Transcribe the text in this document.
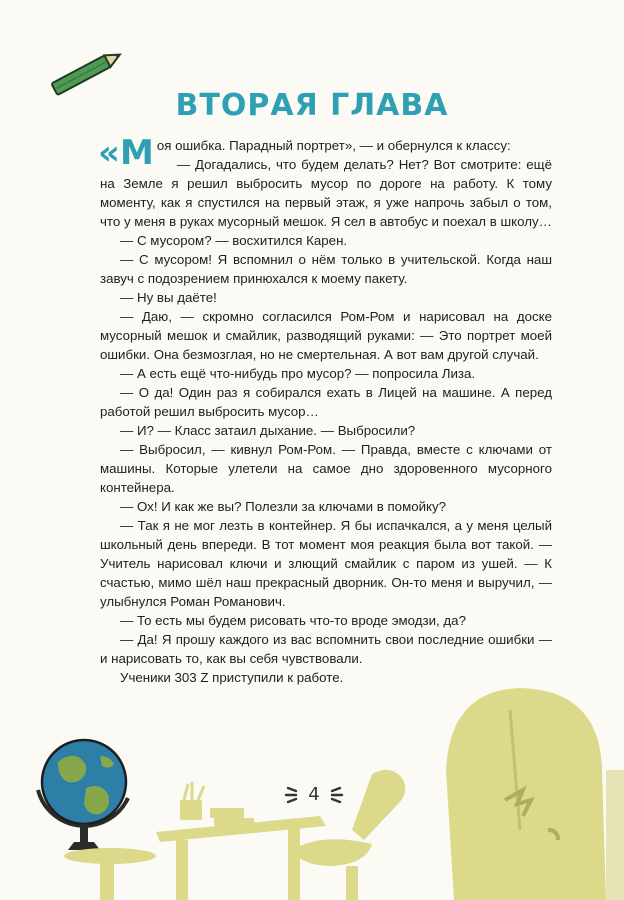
ВТОРАЯ ГЛАВА

«Моя ошибка. Парадный портрет», — и обернулся к классу:

— Догадались, что будем делать? Нет? Вот смотрите: ещё на Земле я решил выбросить мусор по дороге на работу. К тому моменту, как я спустился на первый этаж, я уже напрочь забыл о том, что у меня в руках мусорный мешок. Я сел в автобус и поехал в школу…

— С мусором? — восхитился Карен.

— С мусором! Я вспомнил о нём только в учительской. Когда наш завуч с подозрением принюхался к моему пакету.

— Ну вы даёте!

— Даю, — скромно согласился Ром-Ром и нарисовал на доске мусорный мешок и смайлик, разводящий руками: — Это портрет моей ошибки. Она безмозглая, но не смертельная. А вот вам другой случай.

— А есть ещё что-нибудь про мусор? — попросила Лиза.

— О да! Один раз я собирался ехать в Лицей на машине. А перед работой решил выбросить мусор…

— И? — Класс затаил дыхание. — Выбросили?

— Выбросил, — кивнул Ром-Ром. — Правда, вместе с ключами от машины. Которые улетели на самое дно здоровенного мусорного контейнера.

— Ох! И как же вы? Полезли за ключами в помойку?

— Так я не мог лезть в контейнер. Я бы испачкался, а у меня целый школьный день впереди. В тот момент моя реакция была вот такой. — Учитель нарисовал ключи и злющий смайлик с паром из ушей. — К счастью, мимо шёл наш прекрасный дворник. Он-то меня и выручил, — улыбнулся Роман Романович.

— То есть мы будем рисовать что-то вроде эмодзи, да?

— Да! Я прошу каждого из вас вспомнить свои последние ошибки — и нарисовать то, как вы себя чувствовали.

Ученики 303 Z приступили к работе.

4
